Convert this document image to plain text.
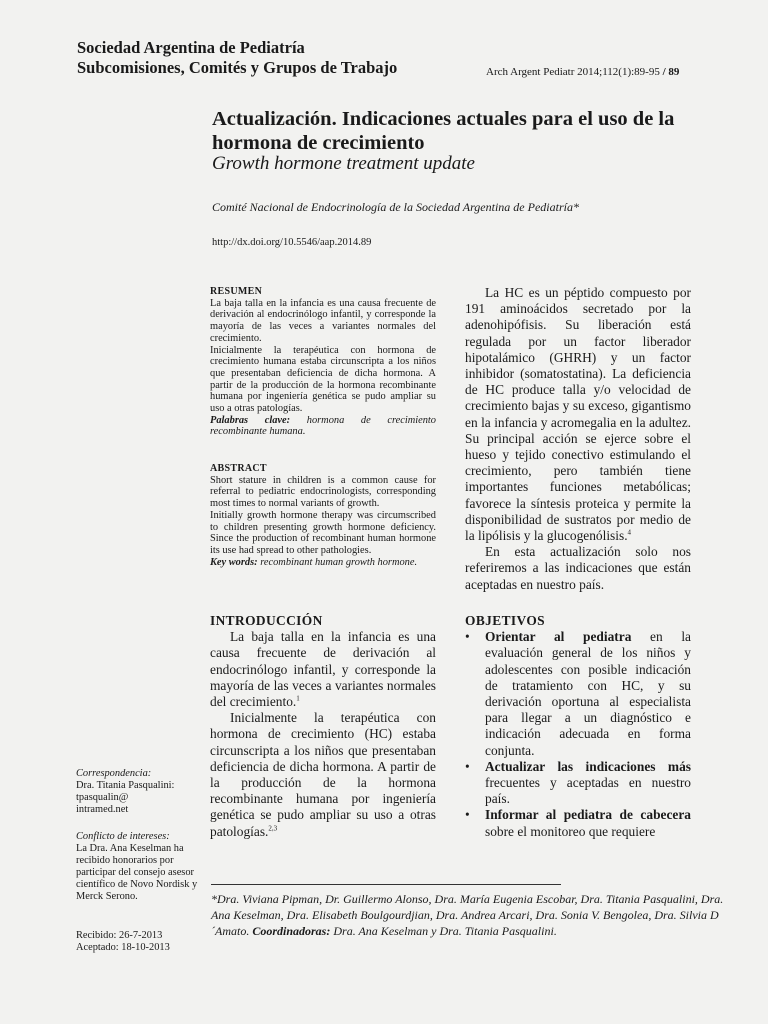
Sociedad Argentina de Pediatría
Subcomisiones, Comités y Grupos de Trabajo	Arch Argent Pediatr 2014;112(1):89-95 / 89
Actualización. Indicaciones actuales para el uso de la hormona de crecimiento
Growth hormone treatment update
Comité Nacional de Endocrinología de la Sociedad Argentina de Pediatría*
http://dx.doi.org/10.5546/aap.2014.89
RESUMEN

La baja talla en la infancia es una causa frecuente de derivación al endocrinólogo infantil, y corresponde la mayoría de las veces a variantes normales del crecimiento.

Inicialmente la terapéutica con hormona de crecimiento humana estaba circunscripta a los niños que presentaban deficiencia de dicha hormona. A partir de la producción de la hormona recombinante humana por ingeniería genética se pudo ampliar su uso a otras patologías.

Palabras clave: hormona de crecimiento recombinante humana.

ABSTRACT

Short stature in children is a common cause for referral to pediatric endocrinologists, corresponding most times to normal variants of growth.

Initially growth hormone therapy was circumscribed to children presenting growth hormone deficiency. Since the production of recombinant human hormone its use had spread to other pathologies.

Key words: recombinant human growth hormone.

INTRODUCCIÓN

La baja talla en la infancia es una causa frecuente de derivación al endocrinólogo infantil, y corresponde la mayoría de las veces a variantes normales del crecimiento.$^1$

Inicialmente la terapéutica con hormona de crecimiento (HC) estaba circunscripta a los niños que presentaban deficiencia de dicha hormona. A partir de la producción de la hormona recombinante humana por ingeniería genética se pudo ampliar su uso a otras patologías.$^{2,3}$

La HC es un péptido compuesto por 191 aminoácidos secretado por la adenohipófisis. Su liberación está regulada por un factor liberador hipotalámico (GHRH) y un factor inhibidor (somatostatina). La deficiencia de HC produce talla y/o velocidad de crecimiento bajas y su exceso, gigantismo en la infancia y acromegalia en la adultez. Su principal acción se ejerce sobre el hueso y tejido conectivo estimulando el crecimiento, pero también tiene importantes funciones metabólicas; favorece la síntesis proteica y permite la disponibilidad de sustratos por medio de la lipólisis y la glucogenólisis.$^4$

En esta actualización solo nos referiremos a las indicaciones que están aceptadas en nuestro país.

OBJETIVOS
• Orientar al pediatra en la evaluación general de los niños y adolescentes con posible indicación de tratamiento con HC, y su derivación oportuna al especialista para llegar a un diagnóstico e indicación adecuada en forma conjunta.
• Actualizar las indicaciones más frecuentes y aceptadas en nuestro país.
• Informar al pediatra de cabecera sobre el monitoreo que requiere

Correspondencia:

Dra. Titania Pasqualini:

tpasqualin@

intramed.net

Conflicto de intereses:

La Dra. Ana Keselman ha recibido honorarios por participar del consejo asesor científico de Novo Nordisk y Merck Serono.

Recibido: 26-7-2013

Aceptado: 18-10-2013

*Dra. Viviana Pipman, Dr. Guillermo Alonso, Dra. María Eugenia Escobar, Dra. Titania Pasqualini, Dra. Ana Keselman, Dra. Elisabeth Boulgourdjian, Dra. Andrea Arcari, Dra. Sonia V. Bengolea, Dra. Silvia D´Amato. Coordinadoras: Dra. Ana Keselman y Dra. Titania Pasqualini.
